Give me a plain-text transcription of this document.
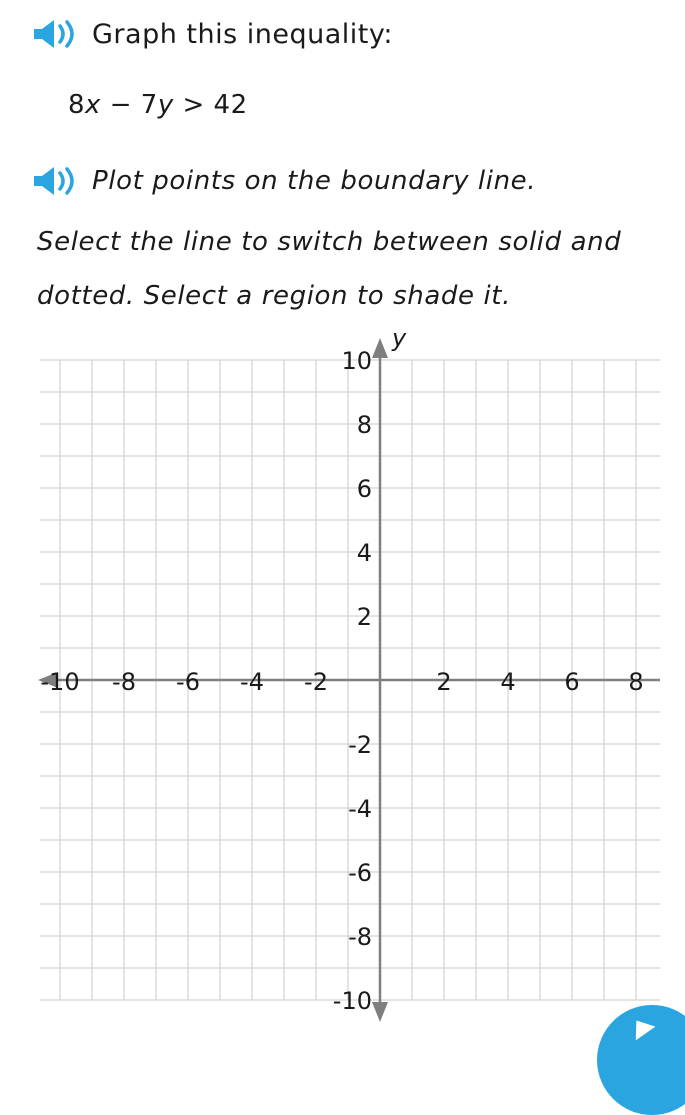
Graph this inequality:
8x − 7y > 42
Plot points on the boundary line.
Select the line to switch between solid and dotted. Select a region to shade it.
y
-10 -8 -6 -4 -2	2 4 6 8
10
8
6
4
2
-2
-4
-6
-8
-10
